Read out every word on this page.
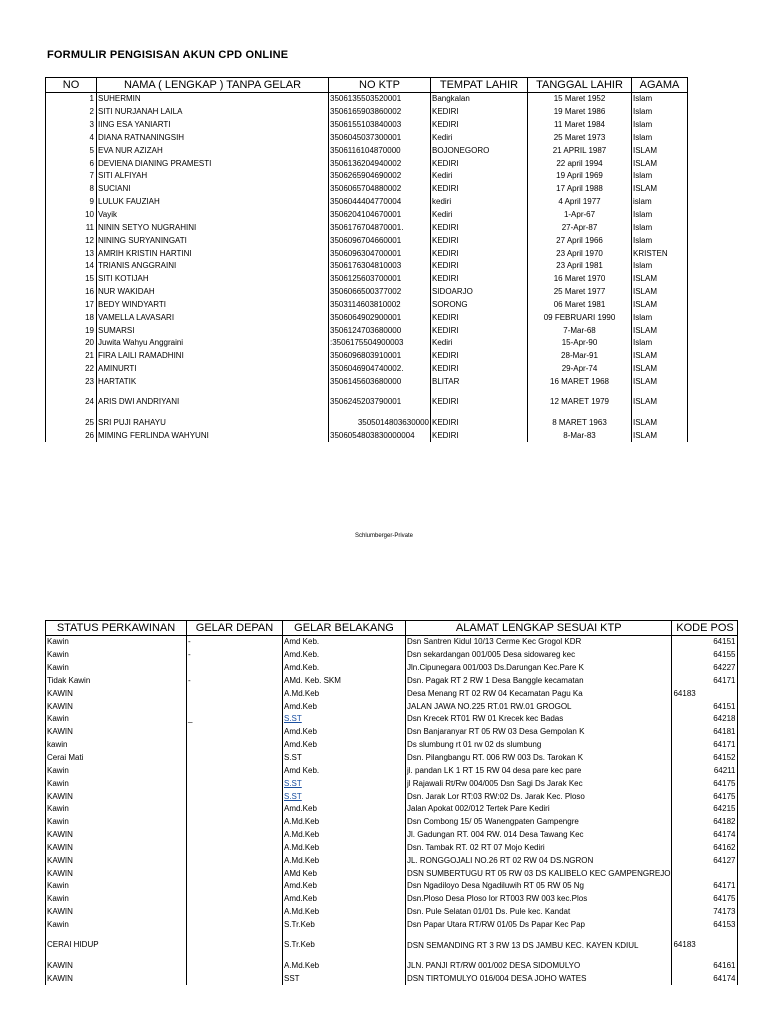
FORMULIR PENGISISAN AKUN CPD ONLINE
NO	NAMA ( LENGKAP ) TANPA GELAR	NO KTP	TEMPAT LAHIR	TANGGAL LAHIR	AGAMA
1	SUHERMIN	3506135503520001	Bangkalan	15 Maret 1952	Islam
2	SITI NURJANAH LAILA	3506165903860002	KEDIRI	19 Maret 1986	Islam
3	IING ESA YANIARTI	3506155103840003	KEDIRI	11 Maret 1984	Islam
4	DIANA RATNANINGSIH	3506045037300001	Kediri	25 Maret 1973	Islam
5	EVA NUR AZIZAH	3506116104870000	BOJONEGORO	21 APRIL 1987	ISLAM
6	DEVIENA DIANING PRAMESTI	3506136204940002	KEDIRI	22 april 1994	ISLAM
7	SITI ALFIYAH	3506265904690002	Kediri	19 April 1969	Islam
8	SUCIANI	3506065704880002	KEDIRI	17 April 1988	ISLAM
9	LULUK FAUZIAH	3506044404770004	kediri	4 April 1977	islam
10	Vayik	3506204104670001	Kediri	1-Apr-67	Islam
11	NININ SETYO NUGRAHINI	3506176704870001.	KEDIRI	27-Apr-87	Islam
12	NINING SURYANINGATI	3506096704660001	KEDIRI	27 April 1966	Islam
13	AMRIH KRISTIN HARTINI	3506096304700001	KEDIRI	23 April 1970	KRISTEN
14	TRIANIS ANGGRAINI	3506176304810003	KEDIRI	23 April 1981	Islam
15	SITI KOTIJAH	3506125603700001	KEDIRI	16 Maret 1970	ISLAM
16	NUR WAKIDAH	3506066500377002	SIDOARJO	25 Maret 1977	ISLAM
17	BEDY WINDYARTI	3503114603810002	SORONG	06 Maret 1981	ISLAM
18	VAMELLA LAVASARI	3506064902900001	KEDIRI	09 FEBRUARI 1990	Islam
19	SUMARSI	3506124703680000	KEDIRI	7-Mar-68	ISLAM
20	Juwita Wahyu Anggraini	:3506175504900003	Kediri	15-Apr-90	Islam
21	FIRA LAILI RAMADHINI	3506096803910001	KEDIRI	28-Mar-91	ISLAM
22	AMINURTI	3506046904740002.	KEDIRI	29-Apr-74	ISLAM
23	HARTATIK	3506145603680000	BLITAR	16 MARET 1968	ISLAM
24	ARIS DWI ANDRIYANI	3506245203790001	KEDIRI	12 MARET 1979	ISLAM
25	SRI PUJI RAHAYU	3505014803630000	KEDIRI	8 MARET 1963	ISLAM
26	MIMING FERLINDA WAHYUNI	3506054803830000004	KEDIRI	8-Mar-83	ISLAM
Schlumberger-Private
STATUS PERKAWINAN	GELAR DEPAN	GELAR BELAKANG	ALAMAT LENGKAP SESUAI KTP	KODE POS
Kawin	-	Amd Keb.	Dsn Santren Kidul 10/13 Cerme Kec Grogol KDR	64151
Kawin	-	Amd.Keb.	Dsn sekardangan 001/005 Desa sidowareg kec	64155
Kawin		Amd.Keb.	Jln.Cipunegara 001/003 Ds.Darungan Kec.Pare K	64227
Tidak Kawin	-	AMd. Keb. SKM	Dsn. Pagak RT 2 RW 1 Desa Banggle kecamatan	64171
KAWIN		A.Md.Keb	Desa Menang RT 02 RW 04 Kecamatan Pagu Ka	64183
KAWIN		Amd.Keb	JALAN JAWA NO.225 RT.01 RW.01 GROGOL	64151
Kawin	_	S.ST	Dsn Krecek RT01 RW 01 Krecek kec Badas	64218
KAWIN		Amd.Keb	Dsn Banjaranyar RT 05 RW 03 Desa Gempolan K	64181
kawin		Amd.Keb	Ds slumbung rt 01 rw 02 ds slumbung	64171
Cerai Mati		S.ST	Dsn. Pilangbangu RT. 006 RW 003 Ds. Tarokan K	64152
Kawin		Amd Keb.	jl. pandan LK 1 RT 15 RW 04 desa pare kec pare	64211
Kawin		S.ST	jl Rajawali Rt/Rw 004/005 Dsn Sagi Ds Jarak Kec	64175
KAWIN		S.ST	Dsn. Jarak Lor RT:03 RW:02 Ds. Jarak Kec. Ploso	64175
Kawin		Amd.Keb	Jalan Apokat 002/012 Tertek Pare Kediri	64215
Kawin		A.Md.Keb	Dsn Combong 15/ 05 Wanengpaten Gampengre	64182
KAWIN		A.Md.Keb	Jl. Gadungan RT. 004 RW. 014 Desa Tawang Kec	64174
KAWIN		A.Md.Keb	Dsn. Tambak RT. 02 RT 07 Mojo Kediri	64162
KAWIN		A.Md.Keb	JL. RONGGOJALI NO.26 RT 02 RW 04 DS.NGRON	64127
KAWIN		AMd Keb	DSN SUMBERTUGU RT 05 RW 03 DS KALIBELO KEC GAMPENGREJO	
Kawin		Amd.Keb	Dsn Ngadiloyo Desa Ngadiluwih RT 05 RW 05 Ng	64171
Kawin		Amd.Keb	Dsn.Ploso Desa Ploso lor RT003 RW 003 kec.Plos	64175
KAWIN		A.Md.Keb	Dsn. Pule Selatan 01/01 Ds. Pule kec. Kandat	74173
Kawin		S.Tr.Keb	Dsn Papar Utara RT/RW 01/05 Ds Papar Kec Pap	64153
CERAI HIDUP		S.Tr.Keb	DSN SEMANDING RT 3 RW 13 DS JAMBU KEC. KAYEN KDIUL	64183
KAWIN		A.Md.Keb	JLN. PANJI RT/RW 001/002 DESA SIDOMULYO	64161
KAWIN		SST	DSN TIRTOMULYO 016/004 DESA JOHO WATES	64174
